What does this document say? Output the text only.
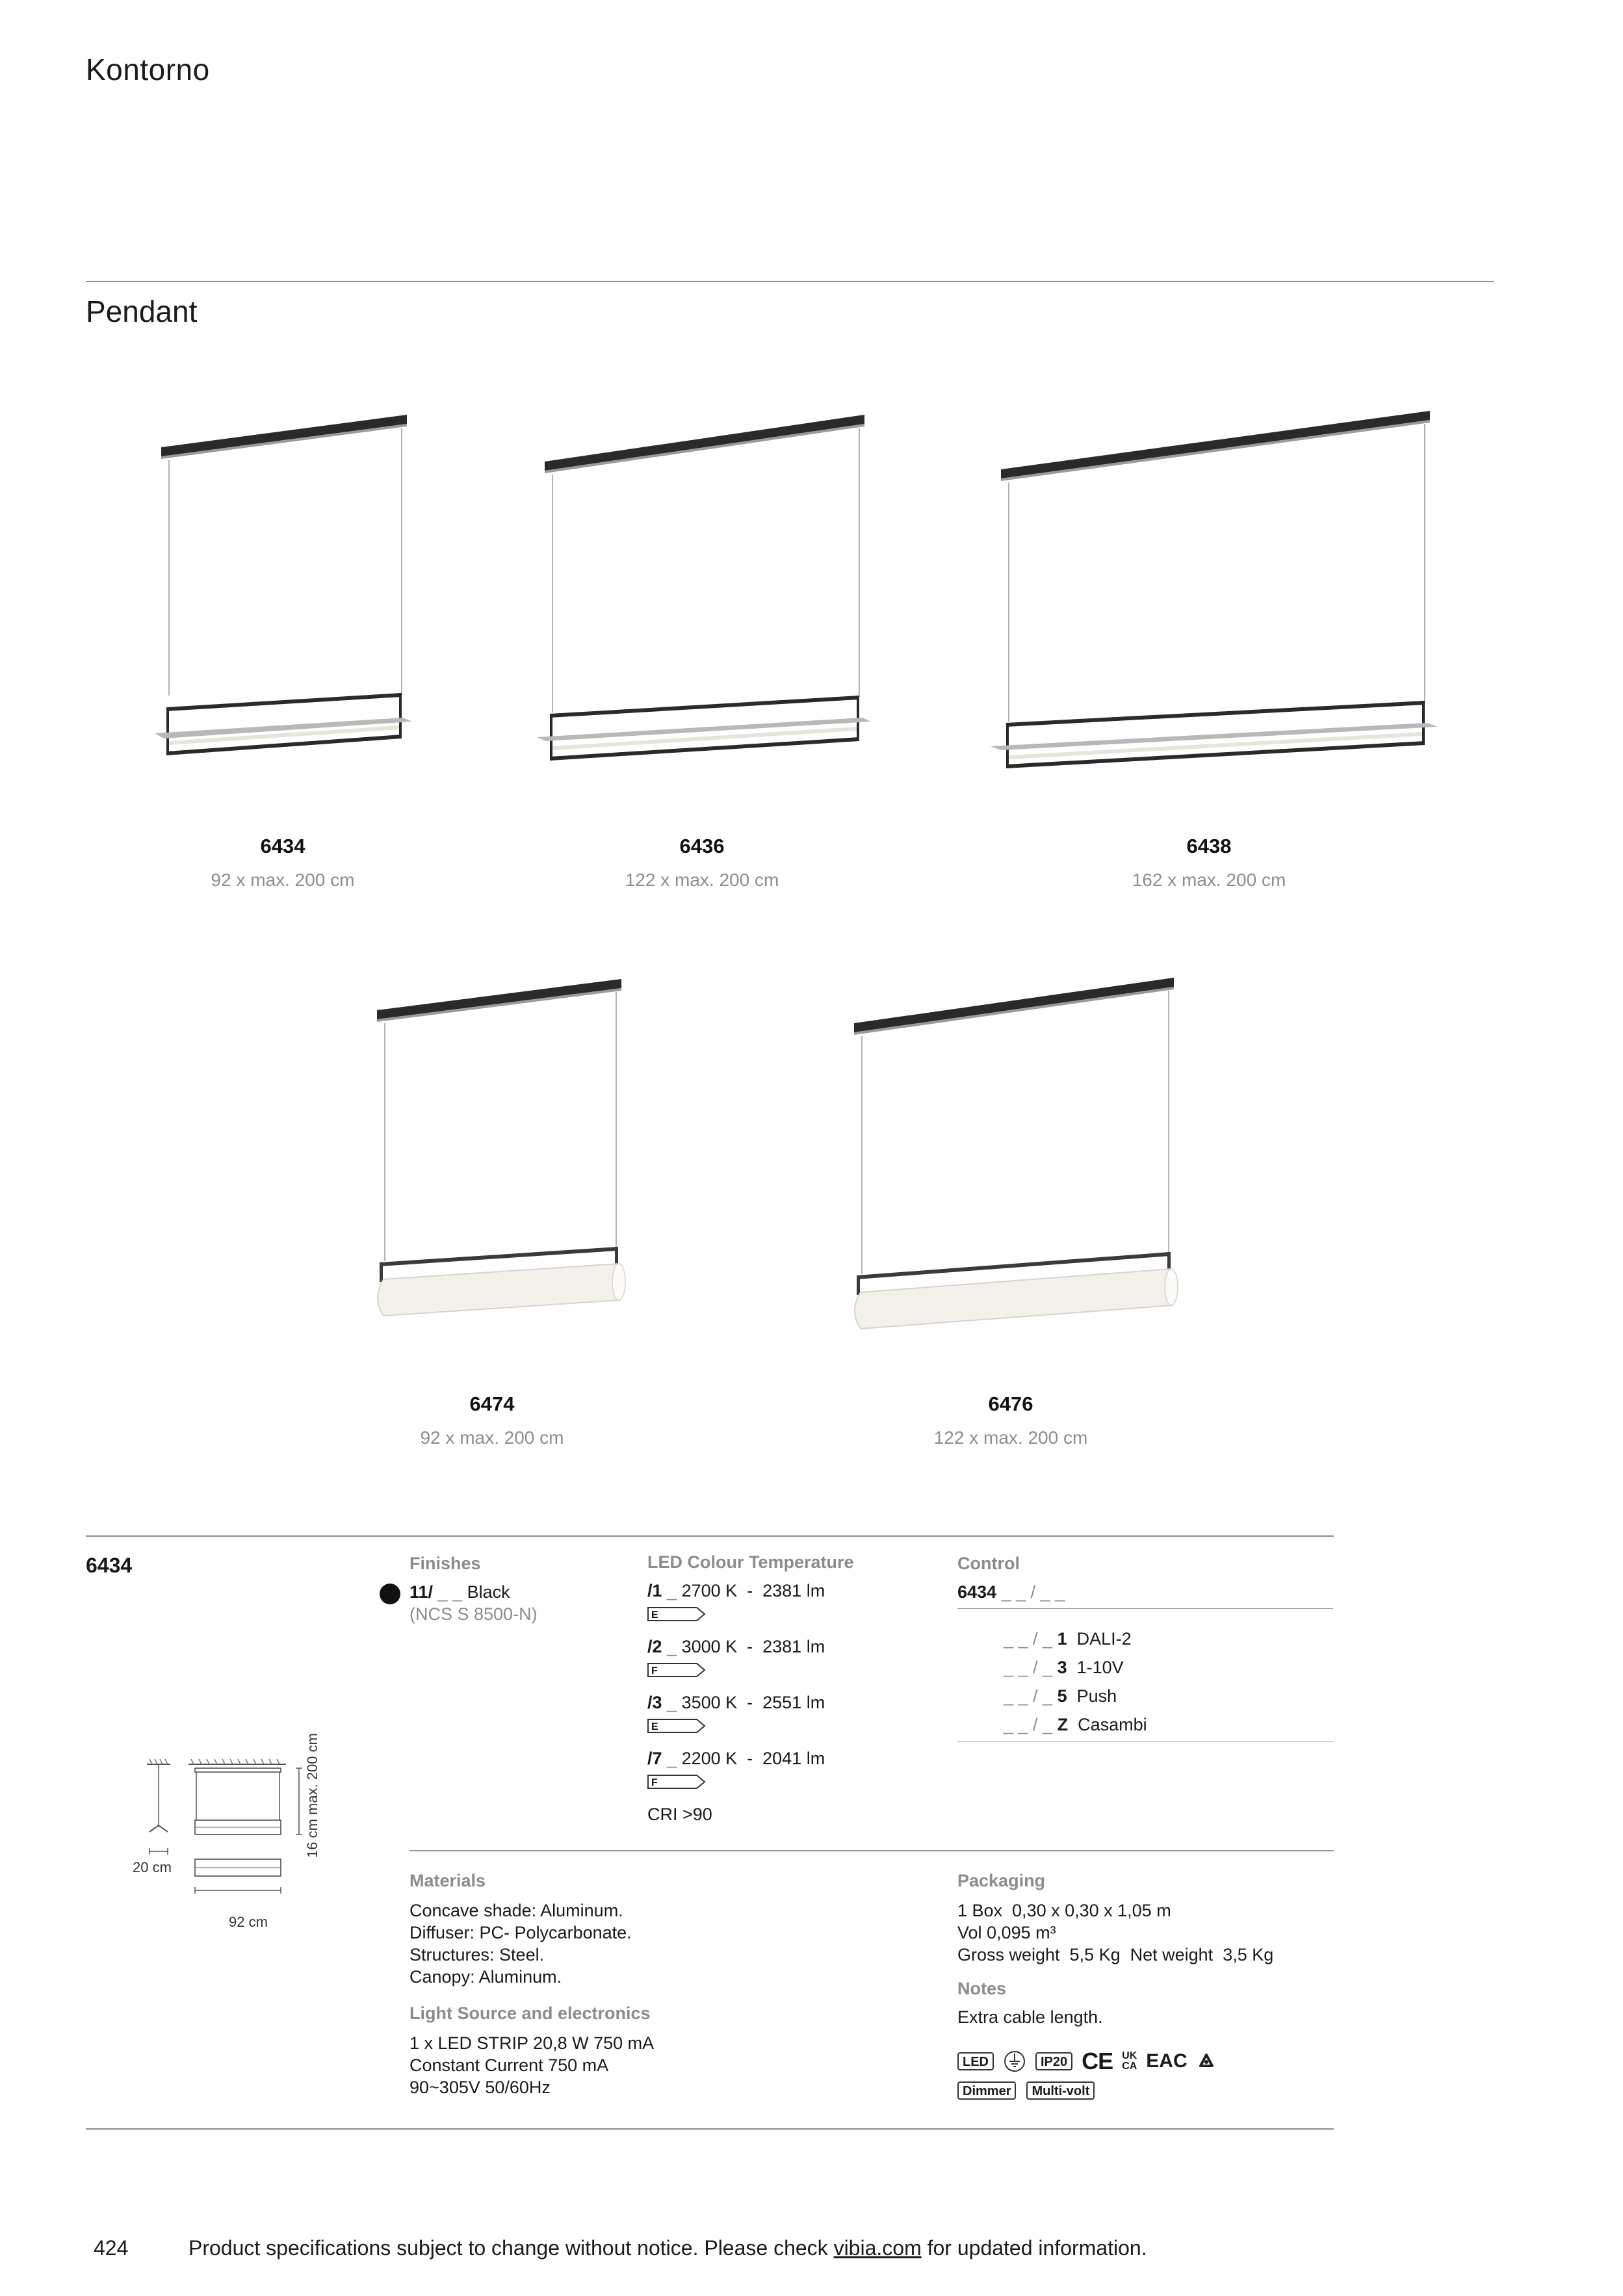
Kontorno
Pendant
6434
92 x max. 200 cm
6436
122 x max. 200 cm
6438
162 x max. 200 cm
6474
92 x max. 200 cm
6476
122 x max. 200 cm
6434
16 cm max. 200 cm
20 cm
92 cm
Finishes
11/ _ _ Black
(NCS S 8500-N)
LED Colour Temperature
/1 _ 2700 K  -  2381 lm
E
/2 _ 3000 K  -  2381 lm
F
/3 _ 3500 K  -  2551 lm
E
/7 _ 2200 K  -  2041 lm
F
CRI >90
Control
6434 _ _ / _ _
_ _ / _ 1 DALI-2
_ _ / _ 3 1-10V
_ _ / _ 5 Push
_ _ / _ Z Casambi
Materials
Concave shade: Aluminum.
Diffuser: PC- Polycarbonate.
Structures: Steel.
Canopy: Aluminum.
Light Source and electronics
1 x LED STRIP 20,8 W 750 mA
Constant Current 750 mA
90~305V 50/60Hz
Packaging
1 Box  0,30 x 0,30 x 1,05 m
Vol 0,095 m³
Gross weight  5,5 Kg  Net weight  3,5 Kg
Notes
Extra cable length.
LED	IP20 CE UK
CA EAC
Dimmer	Multi-volt
424	Product specifications subject to change without notice. Please check vibia.com for updated information.
